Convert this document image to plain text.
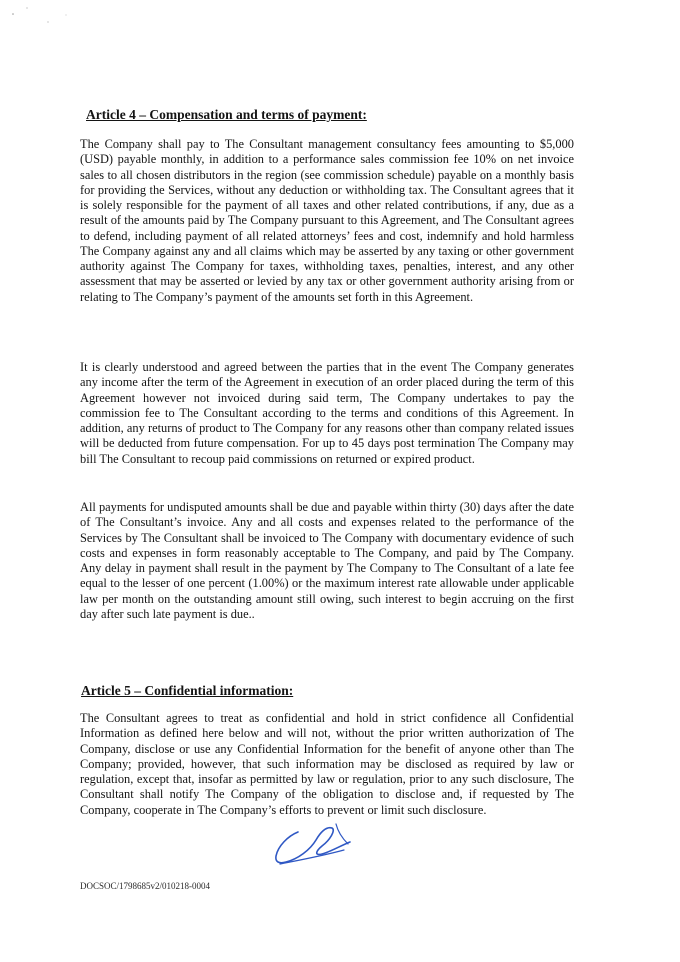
Article 4 – Compensation and terms of payment:

The Company shall pay to The Consultant management consultancy fees amounting to $5,000 (USD) payable monthly, in addition to a performance sales commission fee 10% on net invoice sales to all chosen distributors in the region (see commission schedule) payable on a monthly basis for providing the Services, without any deduction or withholding tax. The Consultant agrees that it is solely responsible for the payment of all taxes and other related contributions, if any, due as a result of the amounts paid by The Company pursuant to this Agreement, and The Consultant agrees to defend, including payment of all related attorneys’ fees and cost, indemnify and hold harmless The Company against any and all claims which may be asserted by any taxing or other government authority against The Company for taxes, withholding taxes, penalties, interest, and any other assessment that may be asserted or levied by any tax or other government authority arising from or relating to The Company’s payment of the amounts set forth in this Agreement.

It is clearly understood and agreed between the parties that in the event The Company generates any income after the term of the Agreement in execution of an order placed during the term of this Agreement however not invoiced during said term, The Company undertakes to pay the commission fee to The Consultant according to the terms and conditions of this Agreement. In addition, any returns of product to The Company for any reasons other than company related issues will be deducted from future compensation. For up to 45 days post termination The Company may bill The Consultant to recoup paid commissions on returned or expired product.

All payments for undisputed amounts shall be due and payable within thirty (30) days after the date of The Consultant’s invoice. Any and all costs and expenses related to the performance of the Services by The Consultant shall be invoiced to The Company with documentary evidence of such costs and expenses in form reasonably acceptable to The Company, and paid by The Company. Any delay in payment shall result in the payment by The Company to The Consultant of a late fee equal to the lesser of one percent (1.00%) or the maximum interest rate allowable under applicable law per month on the outstanding amount still owing, such interest to begin accruing on the first day after such late payment is due..

Article 5 – Confidential information:

The Consultant agrees to treat as confidential and hold in strict confidence all Confidential Information as defined here below and will not, without the prior written authorization of The Company, disclose or use any Confidential Information for the benefit of anyone other than The Company; provided, however, that such information may be disclosed as required by law or regulation, except that, insofar as permitted by law or regulation, prior to any such disclosure, The Consultant shall notify The Company of the obligation to disclose and, if requested by The Company, cooperate in The Company’s efforts to prevent or limit such disclosure.

DOCSOC/1798685v2/010218-0004
